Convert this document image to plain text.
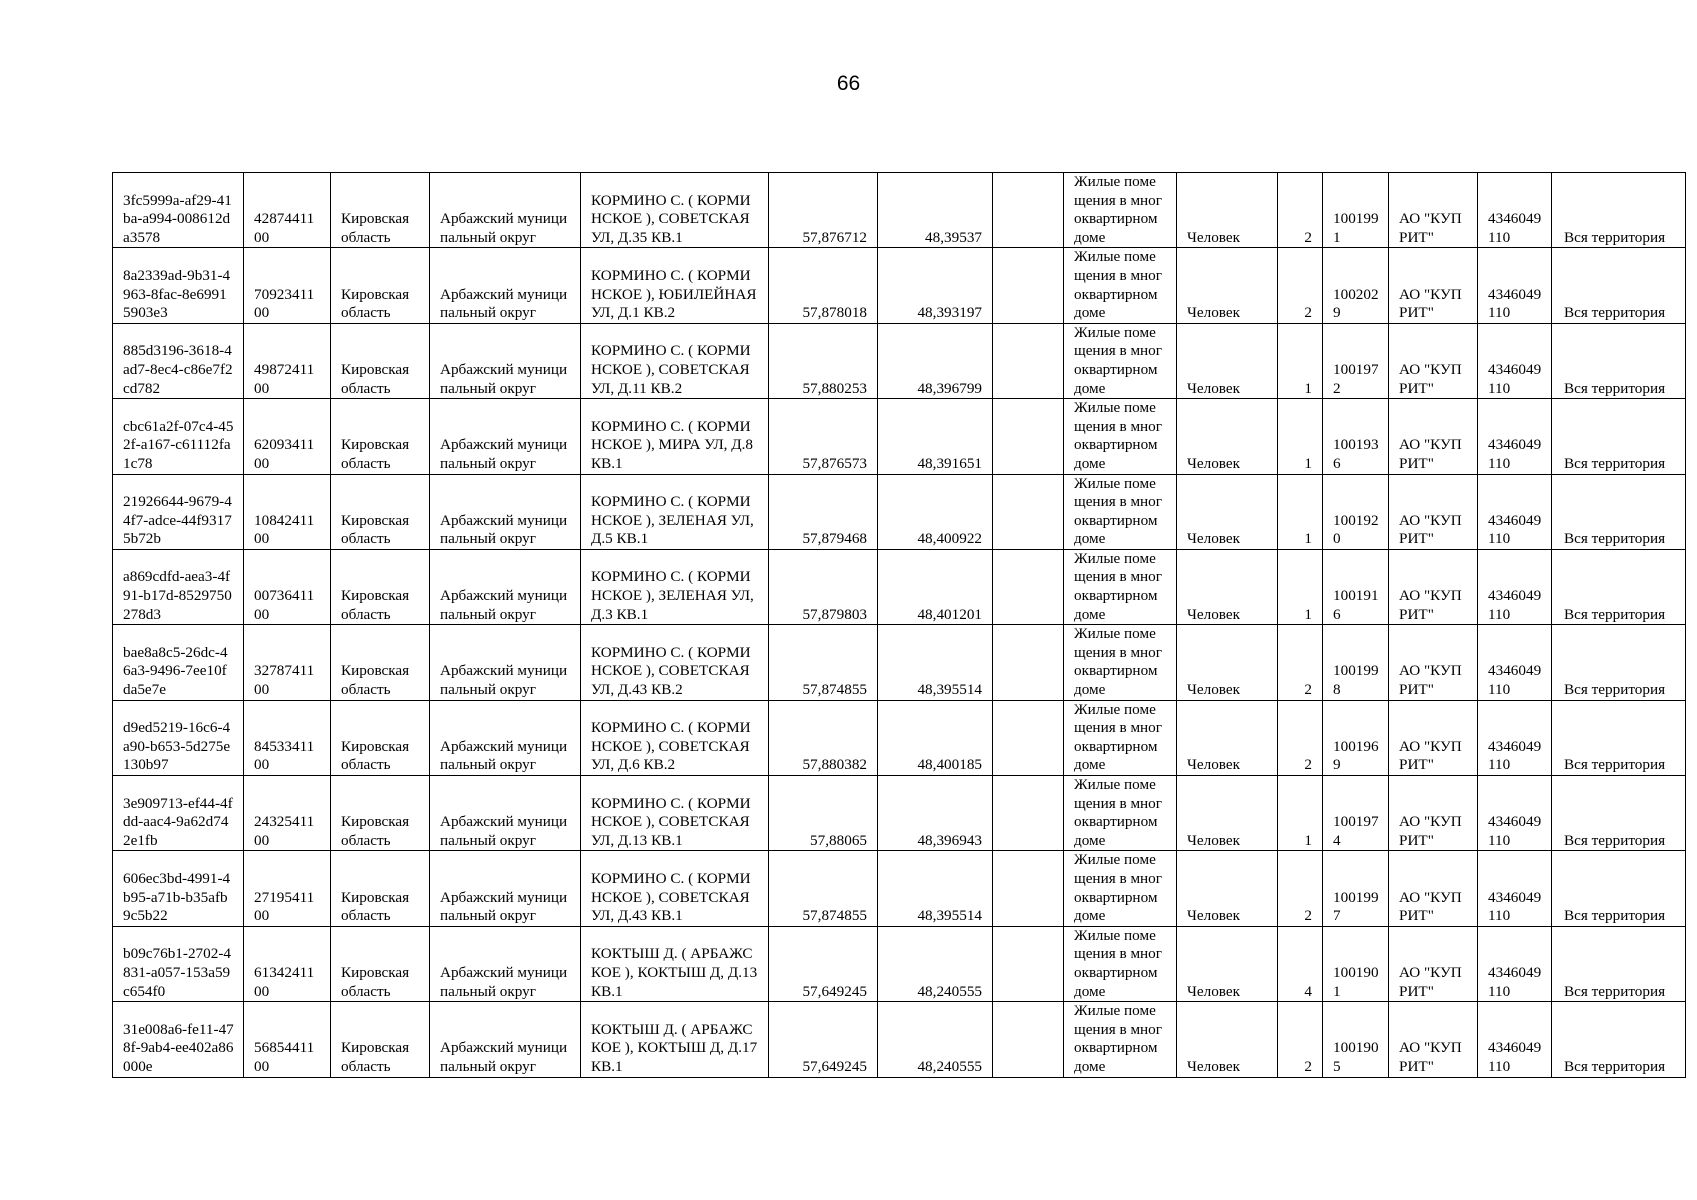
66
3fc5999a-af29-41ba-a994-008612da3578	4287441100	Кировская область	Арбажский муниципальный округ	КОРМИНО С. ( КОРМИНСКОЕ ), СОВЕТСКАЯ УЛ, Д.35 КВ.1	57,876712	48,39537		Жилые помещения в многоквартирном доме	Человек	2	1001991	АО "КУПРИТ"	4346049110	Вся территория
8a2339ad-9b31-4963-8fac-8e69915903e3	7092341100	Кировская область	Арбажский муниципальный округ	КОРМИНО С. ( КОРМИНСКОЕ ), ЮБИЛЕЙНАЯ УЛ, Д.1 КВ.2	57,878018	48,393197		Жилые помещения в многоквартирном доме	Человек	2	1002029	АО "КУПРИТ"	4346049110	Вся территория
885d3196-3618-4ad7-8ec4-c86e7f2cd782	4987241100	Кировская область	Арбажский муниципальный округ	КОРМИНО С. ( КОРМИНСКОЕ ), СОВЕТСКАЯ УЛ, Д.11 КВ.2	57,880253	48,396799		Жилые помещения в многоквартирном доме	Человек	1	1001972	АО "КУПРИТ"	4346049110	Вся территория
cbc61a2f-07c4-452f-a167-c61112fa1c78	6209341100	Кировская область	Арбажский муниципальный округ	КОРМИНО С. ( КОРМИНСКОЕ ), МИРА УЛ, Д.8 КВ.1	57,876573	48,391651		Жилые помещения в многоквартирном доме	Человек	1	1001936	АО "КУПРИТ"	4346049110	Вся территория
21926644-9679-44f7-adce-44f93175b72b	1084241100	Кировская область	Арбажский муниципальный округ	КОРМИНО С. ( КОРМИНСКОЕ ), ЗЕЛЕНАЯ УЛ, Д.5 КВ.1	57,879468	48,400922		Жилые помещения в многоквартирном доме	Человек	1	1001920	АО "КУПРИТ"	4346049110	Вся территория
a869cdfd-aea3-4f91-b17d-8529750278d3	0073641100	Кировская область	Арбажский муниципальный округ	КОРМИНО С. ( КОРМИНСКОЕ ), ЗЕЛЕНАЯ УЛ, Д.3 КВ.1	57,879803	48,401201		Жилые помещения в многоквартирном доме	Человек	1	1001916	АО "КУПРИТ"	4346049110	Вся территория
bae8a8c5-26dc-46a3-9496-7ee10fda5e7e	3278741100	Кировская область	Арбажский муниципальный округ	КОРМИНО С. ( КОРМИНСКОЕ ), СОВЕТСКАЯ УЛ, Д.43 КВ.2	57,874855	48,395514		Жилые помещения в многоквартирном доме	Человек	2	1001998	АО "КУПРИТ"	4346049110	Вся территория
d9ed5219-16c6-4a90-b653-5d275e130b97	8453341100	Кировская область	Арбажский муниципальный округ	КОРМИНО С. ( КОРМИНСКОЕ ), СОВЕТСКАЯ УЛ, Д.6 КВ.2	57,880382	48,400185		Жилые помещения в многоквартирном доме	Человек	2	1001969	АО "КУПРИТ"	4346049110	Вся территория
3e909713-ef44-4fdd-aac4-9a62d742e1fb	2432541100	Кировская область	Арбажский муниципальный округ	КОРМИНО С. ( КОРМИНСКОЕ ), СОВЕТСКАЯ УЛ, Д.13 КВ.1	57,88065	48,396943		Жилые помещения в многоквартирном доме	Человек	1	1001974	АО "КУПРИТ"	4346049110	Вся территория
606ec3bd-4991-4b95-a71b-b35afb9c5b22	2719541100	Кировская область	Арбажский муниципальный округ	КОРМИНО С. ( КОРМИНСКОЕ ), СОВЕТСКАЯ УЛ, Д.43 КВ.1	57,874855	48,395514		Жилые помещения в многоквартирном доме	Человек	2	1001997	АО "КУПРИТ"	4346049110	Вся территория
b09c76b1-2702-4831-a057-153a59c654f0	6134241100	Кировская область	Арбажский муниципальный округ	КОКТЫШ Д. ( АРБАЖСКОЕ ), КОКТЫШ Д, Д.13 КВ.1	57,649245	48,240555		Жилые помещения в многоквартирном доме	Человек	4	1001901	АО "КУПРИТ"	4346049110	Вся территория
31e008a6-fe11-478f-9ab4-ee402a86000e	5685441100	Кировская область	Арбажский муниципальный округ	КОКТЫШ Д. ( АРБАЖСКОЕ ), КОКТЫШ Д, Д.17 КВ.1	57,649245	48,240555		Жилые помещения в многоквартирном доме	Человек	2	1001905	АО "КУПРИТ"	4346049110	Вся территория
